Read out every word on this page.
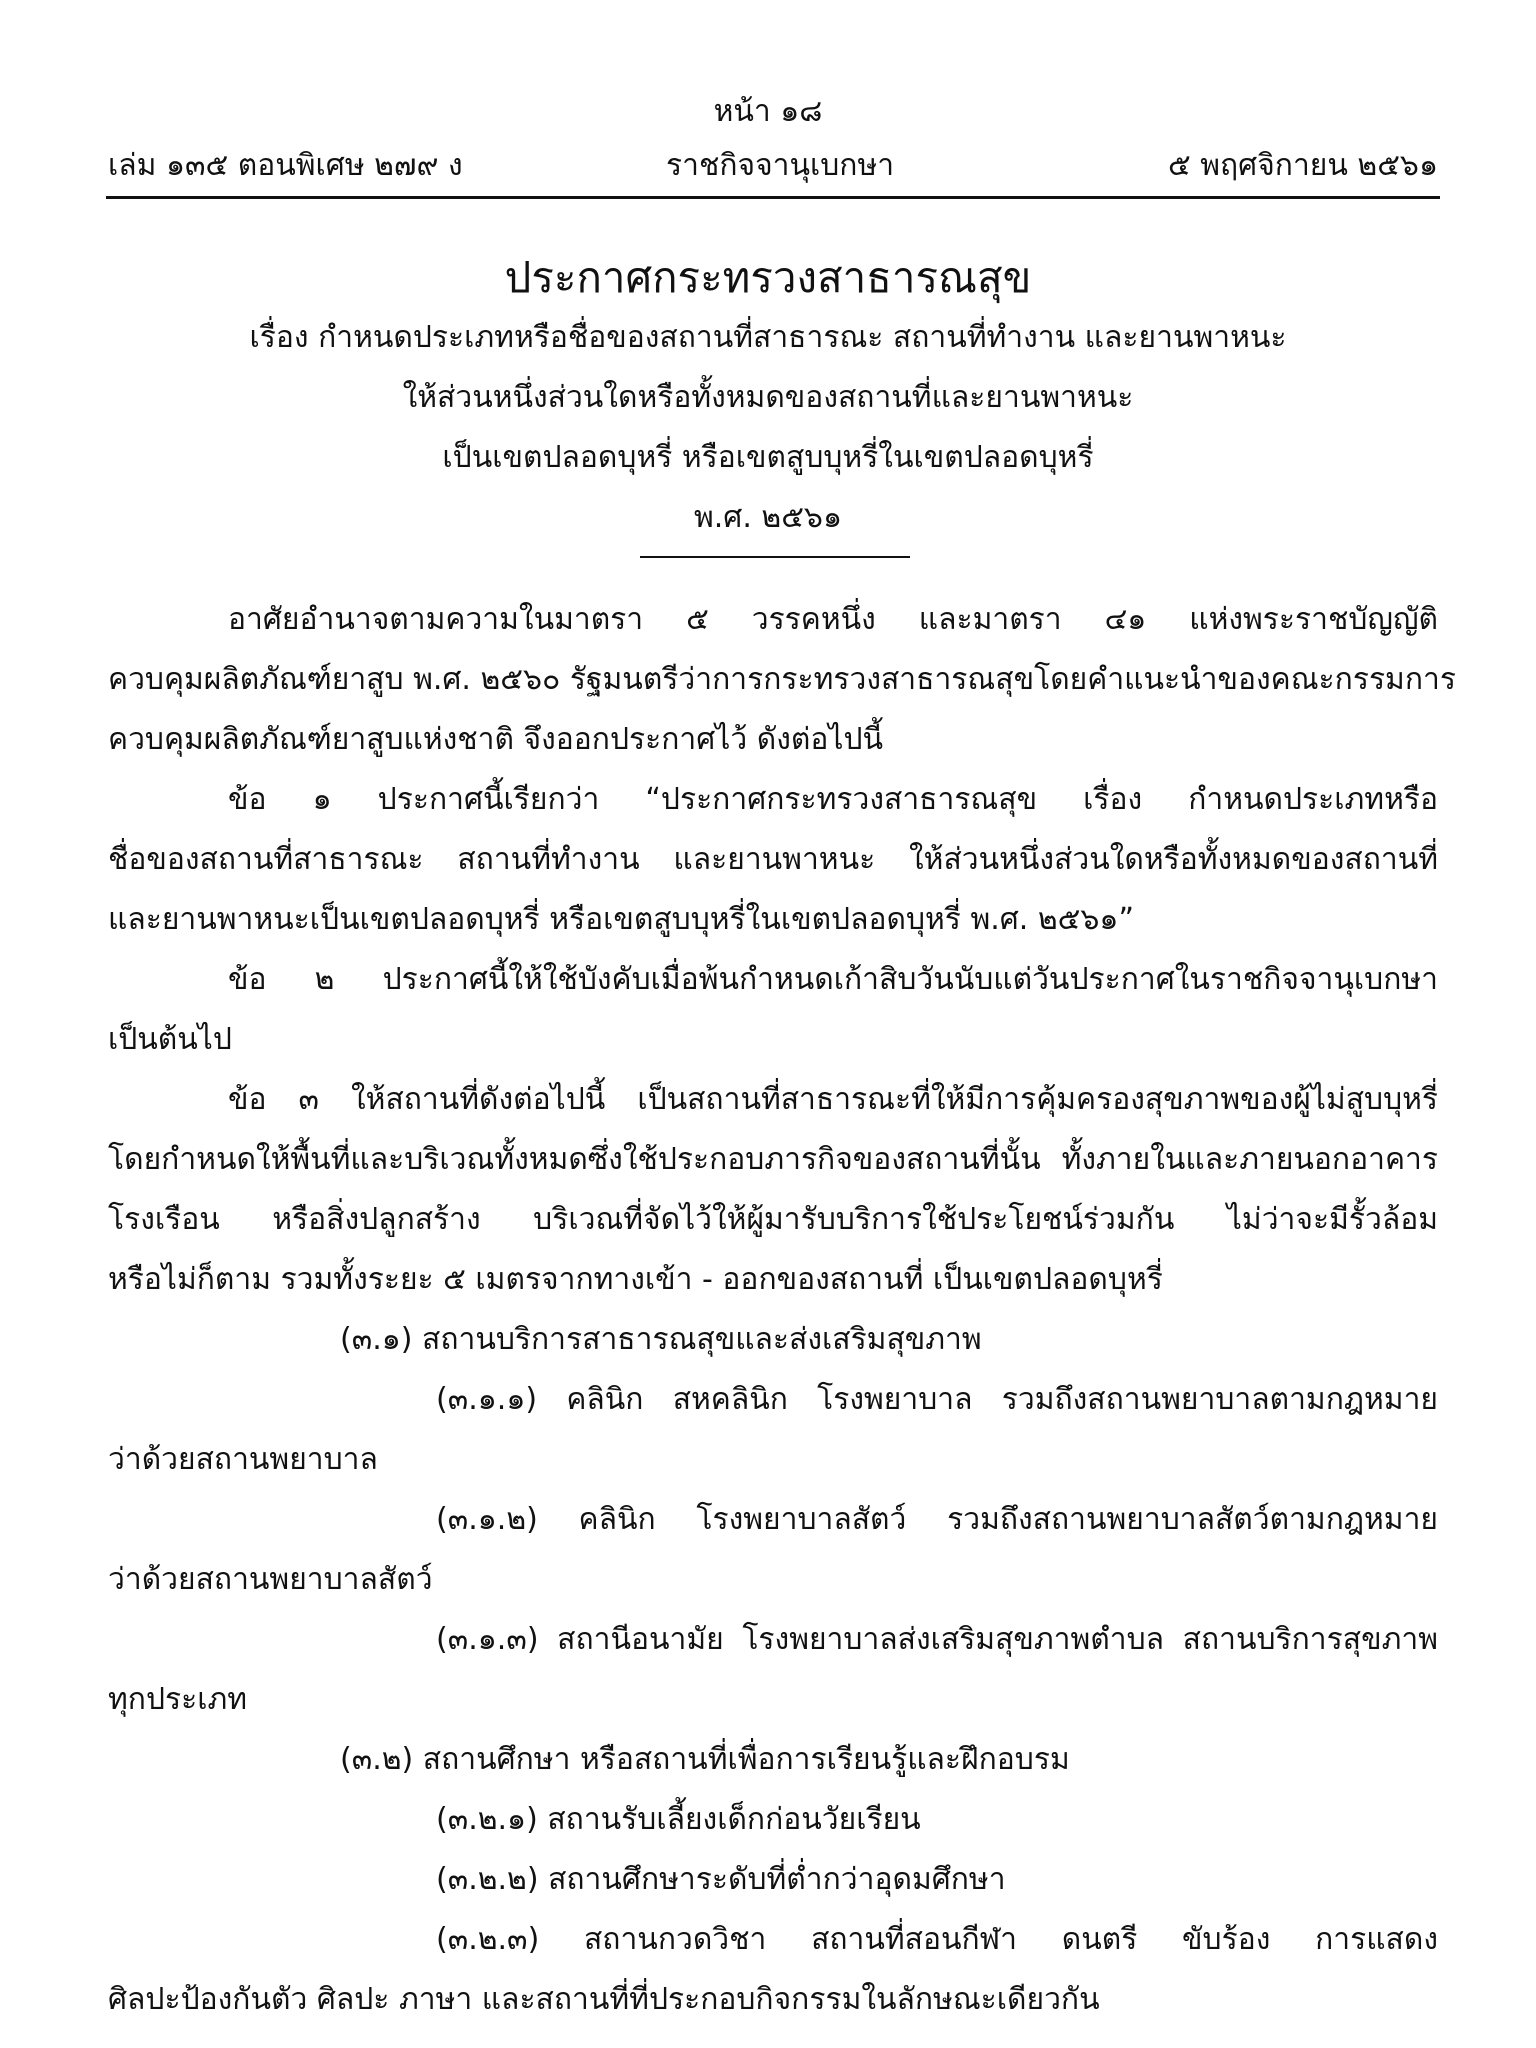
หน้า ๑๘
เล่ม ๑๓๕ ตอนพิเศษ ๒๗๙ ง	ราชกิจจานุเบกษา	๕ พฤศจิกายน ๒๕๖๑
ประกาศกระทรวงสาธารณสุข
เรื่อง กำหนดประเภทหรือชื่อของสถานที่สาธารณะ สถานที่ทำงาน และยานพาหนะ
ให้ส่วนหนึ่งส่วนใดหรือทั้งหมดของสถานที่และยานพาหนะ
เป็นเขตปลอดบุหรี่ หรือเขตสูบบุหรี่ในเขตปลอดบุหรี่
พ.ศ. ๒๕๖๑
อาศัยอำนาจตามความในมาตรา ๕ วรรคหนึ่ง และมาตรา ๔๑ แห่งพระราชบัญญัติ
ควบคุมผลิตภัณฑ์ยาสูบ พ.ศ. ๒๕๖๐ รัฐมนตรีว่าการกระทรวงสาธารณสุขโดยคำแนะนำของคณะกรรมการ
ควบคุมผลิตภัณฑ์ยาสูบแห่งชาติ จึงออกประกาศไว้ ดังต่อไปนี้
ข้อ ๑ ประกาศนี้เรียกว่า “ประกาศกระทรวงสาธารณสุข เรื่อง กำหนดประเภทหรือ
ชื่อของสถานที่สาธารณะ สถานที่ทำงาน และยานพาหนะ ให้ส่วนหนึ่งส่วนใดหรือทั้งหมดของสถานที่
และยานพาหนะเป็นเขตปลอดบุหรี่ หรือเขตสูบบุหรี่ในเขตปลอดบุหรี่ พ.ศ. ๒๕๖๑”
ข้อ ๒ ประกาศนี้ให้ใช้บังคับเมื่อพ้นกำหนดเก้าสิบวันนับแต่วันประกาศในราชกิจจานุเบกษา
เป็นต้นไป
ข้อ ๓ ให้สถานที่ดังต่อไปนี้ เป็นสถานที่สาธารณะที่ให้มีการคุ้มครองสุขภาพของผู้ไม่สูบบุหรี่
โดยกำหนดให้พื้นที่และบริเวณทั้งหมดซึ่งใช้ประกอบภารกิจของสถานที่นั้น ทั้งภายในและภายนอกอาคาร
โรงเรือน หรือสิ่งปลูกสร้าง บริเวณที่จัดไว้ให้ผู้มารับบริการใช้ประโยชน์ร่วมกัน ไม่ว่าจะมีรั้วล้อม
หรือไม่ก็ตาม รวมทั้งระยะ ๕ เมตรจากทางเข้า - ออกของสถานที่ เป็นเขตปลอดบุหรี่
(๓.๑) สถานบริการสาธารณสุขและส่งเสริมสุขภาพ
(๓.๑.๑) คลินิก สหคลินิก โรงพยาบาล รวมถึงสถานพยาบาลตามกฎหมาย
ว่าด้วยสถานพยาบาล
(๓.๑.๒) คลินิก โรงพยาบาลสัตว์ รวมถึงสถานพยาบาลสัตว์ตามกฎหมาย
ว่าด้วยสถานพยาบาลสัตว์
(๓.๑.๓) สถานีอนามัย โรงพยาบาลส่งเสริมสุขภาพตำบล สถานบริการสุขภาพ
ทุกประเภท
(๓.๒) สถานศึกษา หรือสถานที่เพื่อการเรียนรู้และฝึกอบรม
(๓.๒.๑) สถานรับเลี้ยงเด็กก่อนวัยเรียน
(๓.๒.๒) สถานศึกษาระดับที่ต่ำกว่าอุดมศึกษา
(๓.๒.๓) สถานกวดวิชา สถานที่สอนกีฬา ดนตรี ขับร้อง การแสดง
ศิลปะป้องกันตัว ศิลปะ ภาษา และสถานที่ที่ประกอบกิจกรรมในลักษณะเดียวกัน
